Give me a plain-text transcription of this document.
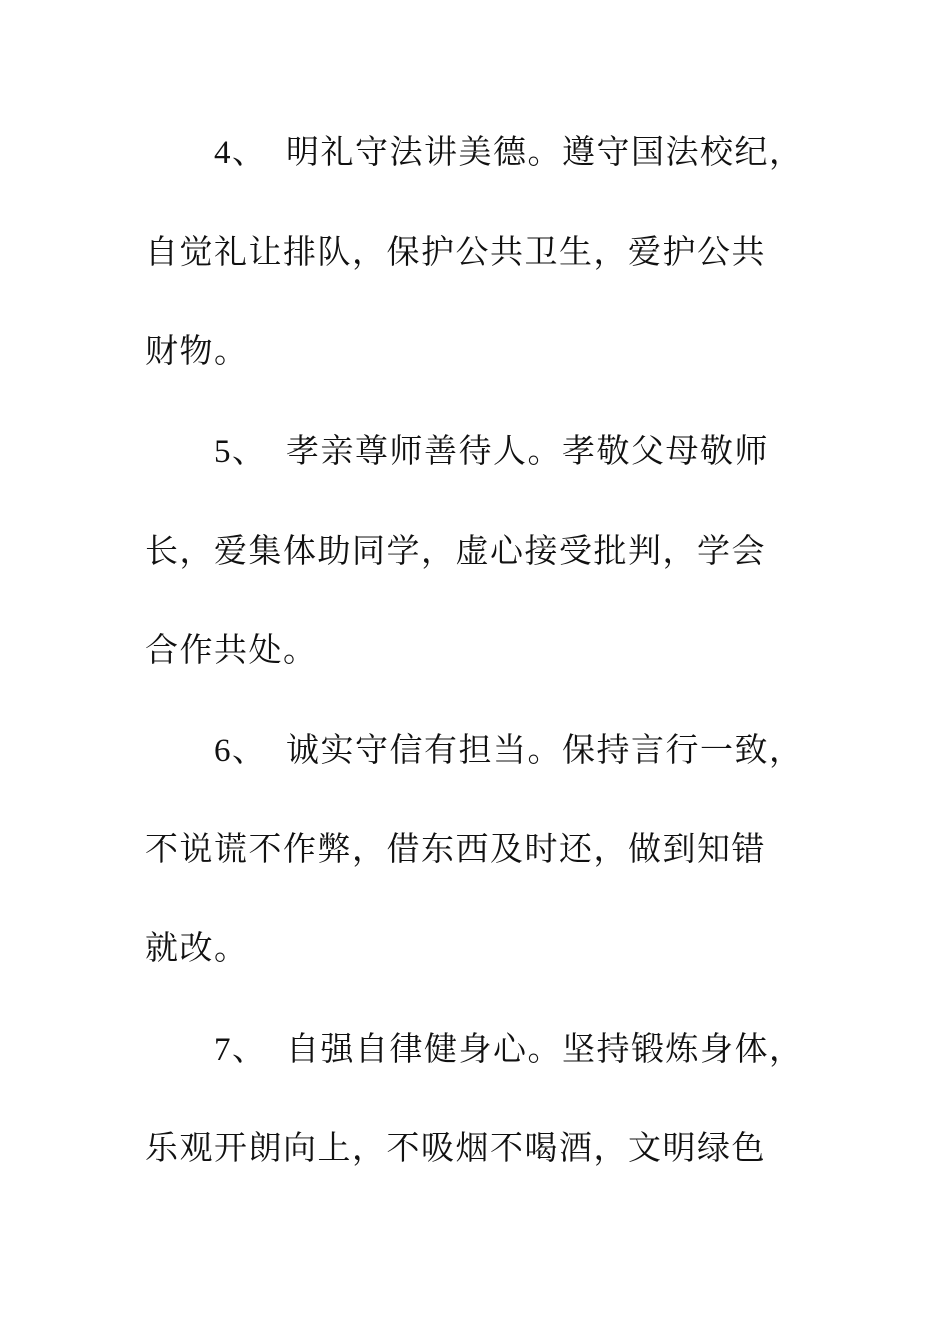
4、 明礼守法讲美德。遵守国法校纪，
自觉礼让排队，保护公共卫生，爱护公共
财物。
5、 孝亲尊师善待人。孝敬父母敬师
长，爱集体助同学，虚心接受批判，学会
合作共处。
6、 诚实守信有担当。保持言行一致，
不说谎不作弊，借东西及时还，做到知错
就改。
7、 自强自律健身心。坚持锻炼身体，
乐观开朗向上，不吸烟不喝酒，文明绿色
